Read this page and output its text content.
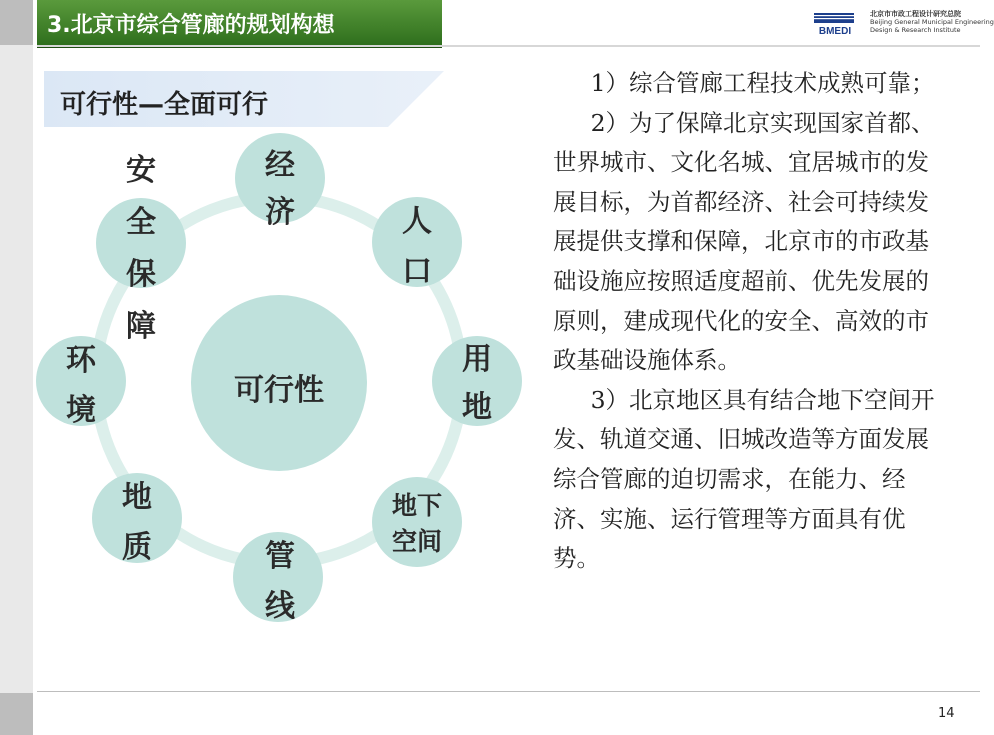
3.北京市综合管廊的规划构想	BMEDI
北京市市政工程设计研究总院
Beijing General Municipal Engineering
Design & Research Institute
可行性—全面可行
可行性
经济	人口
用地
地下空间
管线
地质
环境
安全保障

1）综合管廊工程技术成熟可靠；

2）为了保障北京实现国家首都、世界城市、文化名城、宜居城市的发展目标，为首都经济、社会可持续发展提供支撑和保障，北京市的市政基础设施应按照适度超前、优先发展的原则，建成现代化的安全、高效的市政基础设施体系。

3）北京地区具有结合地下空间开发、轨道交通、旧城改造等方面发展综合管廊的迫切需求，在能力、经济、实施、运行管理等方面具有优势。

14
